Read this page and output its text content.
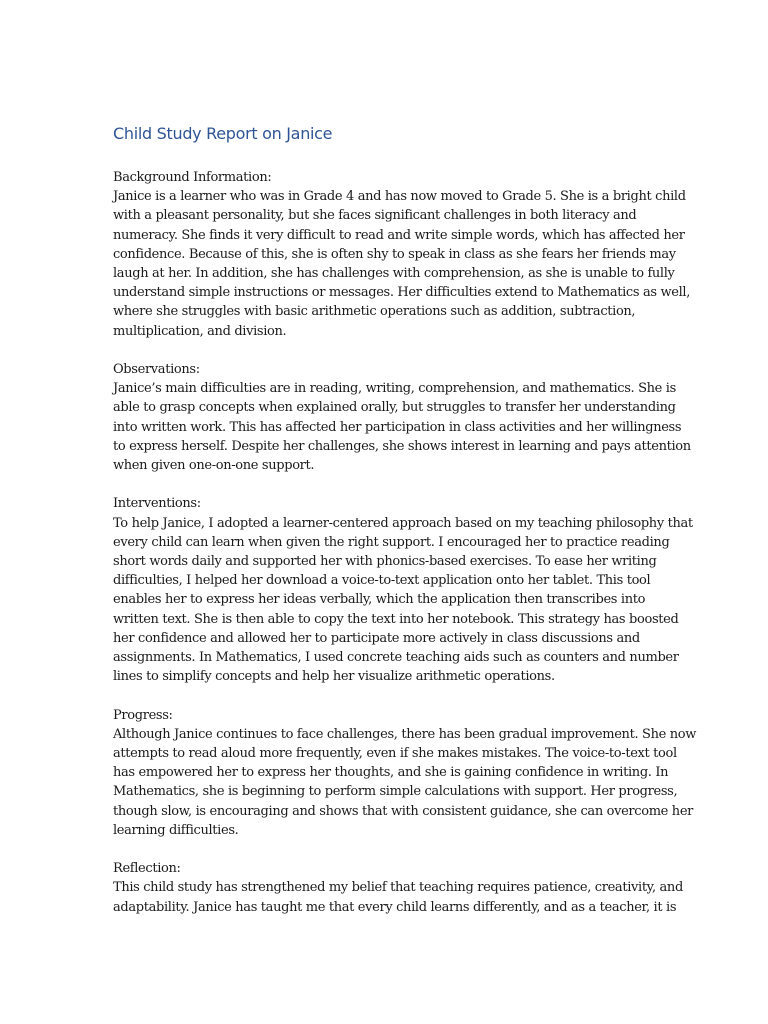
Child Study Report on Janice
Background Information:
Janice is a learner who was in Grade 4 and has now moved to Grade 5. She is a bright child
with a pleasant personality, but she faces significant challenges in both literacy and
numeracy. She finds it very difficult to read and write simple words, which has affected her
confidence. Because of this, she is often shy to speak in class as she fears her friends may
laugh at her. In addition, she has challenges with comprehension, as she is unable to fully
understand simple instructions or messages. Her difficulties extend to Mathematics as well,
where she struggles with basic arithmetic operations such as addition, subtraction,
multiplication, and division.
Observations:
Janice’s main difficulties are in reading, writing, comprehension, and mathematics. She is
able to grasp concepts when explained orally, but struggles to transfer her understanding
into written work. This has affected her participation in class activities and her willingness
to express herself. Despite her challenges, she shows interest in learning and pays attention
when given one-on-one support.
Interventions:
To help Janice, I adopted a learner-centered approach based on my teaching philosophy that
every child can learn when given the right support. I encouraged her to practice reading
short words daily and supported her with phonics-based exercises. To ease her writing
difficulties, I helped her download a voice-to-text application onto her tablet. This tool
enables her to express her ideas verbally, which the application then transcribes into
written text. She is then able to copy the text into her notebook. This strategy has boosted
her confidence and allowed her to participate more actively in class discussions and
assignments. In Mathematics, I used concrete teaching aids such as counters and number
lines to simplify concepts and help her visualize arithmetic operations.
Progress:
Although Janice continues to face challenges, there has been gradual improvement. She now
attempts to read aloud more frequently, even if she makes mistakes. The voice-to-text tool
has empowered her to express her thoughts, and she is gaining confidence in writing. In
Mathematics, she is beginning to perform simple calculations with support. Her progress,
though slow, is encouraging and shows that with consistent guidance, she can overcome her
learning difficulties.
Reflection:
This child study has strengthened my belief that teaching requires patience, creativity, and
adaptability. Janice has taught me that every child learns differently, and as a teacher, it is
